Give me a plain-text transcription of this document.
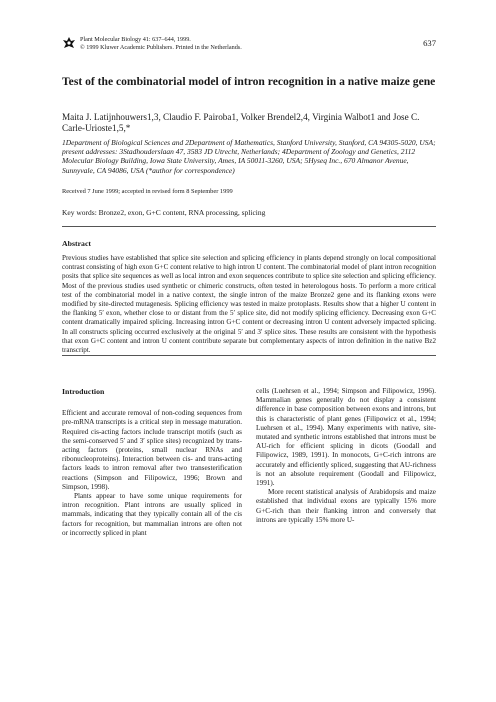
Plant Molecular Biology 41: 637–644, 1999.
© 1999 Kluwer Academic Publishers. Printed in the Netherlands.	637
Test of the combinatorial model of intron recognition in a native maize gene
Maita J. Latijnhouwers1,3, Claudio F. Pairoba1, Volker Brendel2,4, Virginia Walbot1 and Jose C. Carle-Urioste1,5,*
1Department of Biological Sciences and 2Department of Mathematics, Stanford University, Stanford, CA 94305-5020, USA; present addresses: 3Stadhouderslaan 47, 3583 JD Utrecht, Netherlands; 4Department of Zoology and Genetics, 2112 Molecular Biology Building, Iowa State University, Ames, IA 50011-3260, USA; 5Hyseq Inc., 670 Almanor Avenue, Sunnyvale, CA 94086, USA (*author for correspondence)
Received 7 June 1999; accepted in revised form 8 September 1999
Key words: Bronze2, exon, G+C content, RNA processing, splicing
Abstract
Previous studies have established that splice site selection and splicing efficiency in plants depend strongly on local compositional contrast consisting of high exon G+C content relative to high intron U content. The combinatorial model of plant intron recognition posits that splice site sequences as well as local intron and exon sequences contribute to splice site selection and splicing efficiency. Most of the previous studies used synthetic or chimeric constructs, often tested in heterologous hosts. To perform a more critical test of the combinatorial model in a native context, the single intron of the maize Bronze2 gene and its flanking exons were modified by site-directed mutagenesis. Splicing efficiency was tested in maize protoplasts. Results show that a higher U content in the flanking 5′ exon, whether close to or distant from the 5′ splice site, did not modify splicing efficiency. Decreasing exon G+C content dramatically impaired splicing. Increasing intron G+C content or decreasing intron U content adversely impacted splicing. In all constructs splicing occurred exclusively at the original 5′ and 3′ splice sites. These results are consistent with the hypothesis that exon G+C content and intron U content contribute separate but complementary aspects of intron definition in the native Bz2 transcript.
Introduction

Efficient and accurate removal of non-coding sequences from pre-mRNA transcripts is a critical step in message maturation. Required cis-acting factors include transcript motifs (such as the semi-conserved 5′ and 3′ splice sites) recognized by trans-acting factors (proteins, small nuclear RNAs and ribonucleoproteins). Interaction between cis- and trans-acting factors leads to intron removal after two transesterification reactions (Simpson and Filipowicz, 1996; Brown and Simpson, 1998).

Plants appear to have some unique requirements for intron recognition. Plant introns are usually spliced in mammals, indicating that they typically contain all of the cis factors for recognition, but mammalian introns are often not or incorrectly spliced in plant

cells (Luehrsen et al., 1994; Simpson and Filipowicz, 1996). Mammalian genes generally do not display a consistent difference in base composition between exons and introns, but this is characteristic of plant genes (Filipowicz et al., 1994; Luehrsen et al., 1994). Many experiments with native, site-mutated and synthetic introns established that introns must be AU-rich for efficient splicing in dicots (Goodall and Filipowicz, 1989, 1991). In monocots, G+C-rich introns are accurately and efficiently spliced, suggesting that AU-richness is not an absolute requirement (Goodall and Filipowicz, 1991).

More recent statistical analysis of Arabidopsis and maize established that individual exons are typically 15% more G+C-rich than their flanking intron and conversely that introns are typically 15% more U-
